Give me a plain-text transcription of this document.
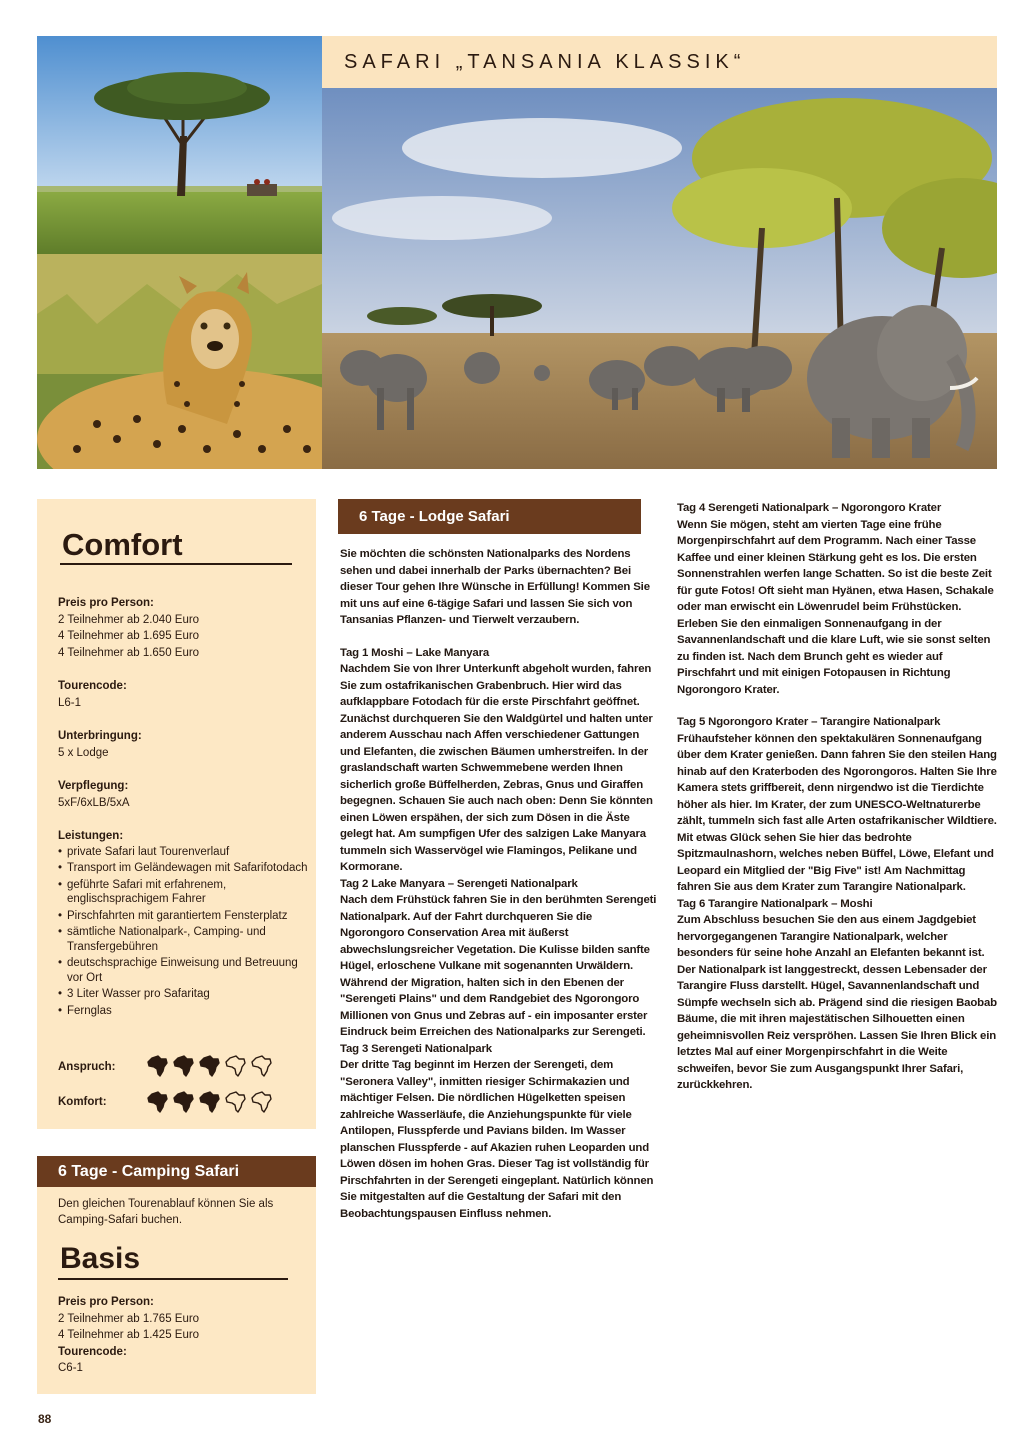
SAFARI „TANSANIA KLASSIK“
Comfort
Preis pro Person:
2 Teilnehmer ab 2.040 Euro
4 Teilnehmer ab 1.695 Euro
4 Teilnehmer ab 1.650 Euro
Tourencode:
L6-1
Unterbringung:
5 x Lodge
Verpflegung:
5xF/6xLB/5xA
Leistungen:
• private Safari laut Tourenverlauf
• Transport im Geländewagen mit Safarifotodach
• geführte Safari mit erfahrenem, englischsprachigem Fahrer
• Pirschfahrten mit garantiertem Fensterplatz
• sämtliche Nationalpark-, Camping- und Transfergebühren
• deutschsprachige Einweisung und Betreuung vor Ort
• 3 Liter Wasser pro Safaritag
• Fernglas
Anspruch:
Komfort:
6 Tage - Camping Safari
Den gleichen Tourenablauf können Sie als Camping-Safari buchen.
Basis
Preis pro Person:
2 Teilnehmer ab 1.765 Euro
4 Teilnehmer ab 1.425 Euro
Tourencode:
C6-1
6 Tage - Lodge Safari

Sie möchten die schönsten Nationalparks des Nordens sehen und dabei innerhalb der Parks übernachten? Bei dieser Tour gehen Ihre Wünsche in Erfüllung! Kommen Sie mit uns auf eine 6-tägige Safari und lassen Sie sich von Tansanias Pflanzen- und Tierwelt verzaubern.

Tag 1 Moshi – Lake Manyara

Nachdem Sie von Ihrer Unterkunft abgeholt wurden, fahren Sie zum ostafrikanischen Grabenbruch. Hier wird das aufklappbare Fotodach für die erste Pirschfahrt geöffnet. Zunächst durchqueren Sie den Waldgürtel und halten unter anderem Ausschau nach Affen verschiedener Gattungen und Elefanten, die zwischen Bäumen umherstreifen. In der graslandschaft warten Schwemmebene werden Ihnen sicherlich große Büffelherden, Zebras, Gnus und Giraffen begegnen. Schauen Sie auch nach oben: Denn Sie könnten einen Löwen erspähen, der sich zum Dösen in die Äste gelegt hat. Am sumpfigen Ufer des salzigen Lake Manyara tummeln sich Wasservögel wie Flamingos, Pelikane und Kormorane.

Tag 2 Lake Manyara – Serengeti Nationalpark

Nach dem Frühstück fahren Sie in den berühmten Serengeti Nationalpark. Auf der Fahrt durchqueren Sie die Ngorongoro Conservation Area mit äußerst abwechslungsreicher Vegetation. Die Kulisse bilden sanfte Hügel, erloschene Vulkane mit sogenannten Urwäldern. Während der Migration, halten sich in den Ebenen der "Serengeti Plains" und dem Randgebiet des Ngorongoro Millionen von Gnus und Zebras auf - ein imposanter erster Eindruck beim Erreichen des Nationalparks zur Serengeti.

Tag 3 Serengeti Nationalpark

Der dritte Tag beginnt im Herzen der Serengeti, dem "Seronera Valley", inmitten riesiger Schirmakazien und mächtiger Felsen. Die nördlichen Hügelketten speisen zahlreiche Wasserläufe, die Anziehungspunkte für viele Antilopen, Flusspferde und Pavians bilden. Im Wasser planschen Flusspferde - auf Akazien ruhen Leoparden und Löwen dösen im hohen Gras. Dieser Tag ist vollständig für Pirschfahrten in der Serengeti eingeplant. Natürlich können Sie mitgestalten auf die Gestaltung der Safari mit den Beobachtungspausen Einfluss nehmen.

Tag 4 Serengeti Nationalpark – Ngorongoro Krater

Wenn Sie mögen, steht am vierten Tage eine frühe Morgenpirschfahrt auf dem Programm. Nach einer Tasse Kaffee und einer kleinen Stärkung geht es los. Die ersten Sonnenstrahlen werfen lange Schatten. So ist die beste Zeit für gute Fotos! Oft sieht man Hyänen, etwa Hasen, Schakale oder man erwischt ein Löwenrudel beim Frühstücken. Erleben Sie den einmaligen Sonnenaufgang in der Savannenlandschaft und die klare Luft, wie sie sonst selten zu finden ist. Nach dem Brunch geht es wieder auf Pirschfahrt und mit einigen Fotopausen in Richtung Ngorongoro Krater.

Tag 5 Ngorongoro Krater – Tarangire Nationalpark

Frühaufsteher können den spektakulären Sonnenaufgang über dem Krater genießen. Dann fahren Sie den steilen Hang hinab auf den Kraterboden des Ngorongoros. Halten Sie Ihre Kamera stets griffbereit, denn nirgendwo ist die Tierdichte höher als hier. Im Krater, der zum UNESCO-Weltnaturerbe zählt, tummeln sich fast alle Arten ostafrikanischer Wildtiere. Mit etwas Glück sehen Sie hier das bedrohte Spitzmaulnashorn, welches neben Büffel, Löwe, Elefant und Leopard ein Mitglied der "Big Five" ist! Am Nachmittag fahren Sie aus dem Krater zum Tarangire Nationalpark.

Tag 6 Tarangire Nationalpark – Moshi

Zum Abschluss besuchen Sie den aus einem Jagdgebiet hervorgegangenen Tarangire Nationalpark, welcher besonders für seine hohe Anzahl an Elefanten bekannt ist. Der Nationalpark ist langgestreckt, dessen Lebensader der Tarangire Fluss darstellt. Hügel, Savannenlandschaft und Sümpfe wechseln sich ab. Prägend sind die riesigen Baobab Bäume, die mit ihren majestätischen Silhouetten einen geheimnisvollen Reiz verspröhen. Lassen Sie Ihren Blick ein letztes Mal auf einer Morgenpirschfahrt in die Weite schweifen, bevor Sie zum Ausgangspunkt Ihrer Safari, zurückkehren.

88
